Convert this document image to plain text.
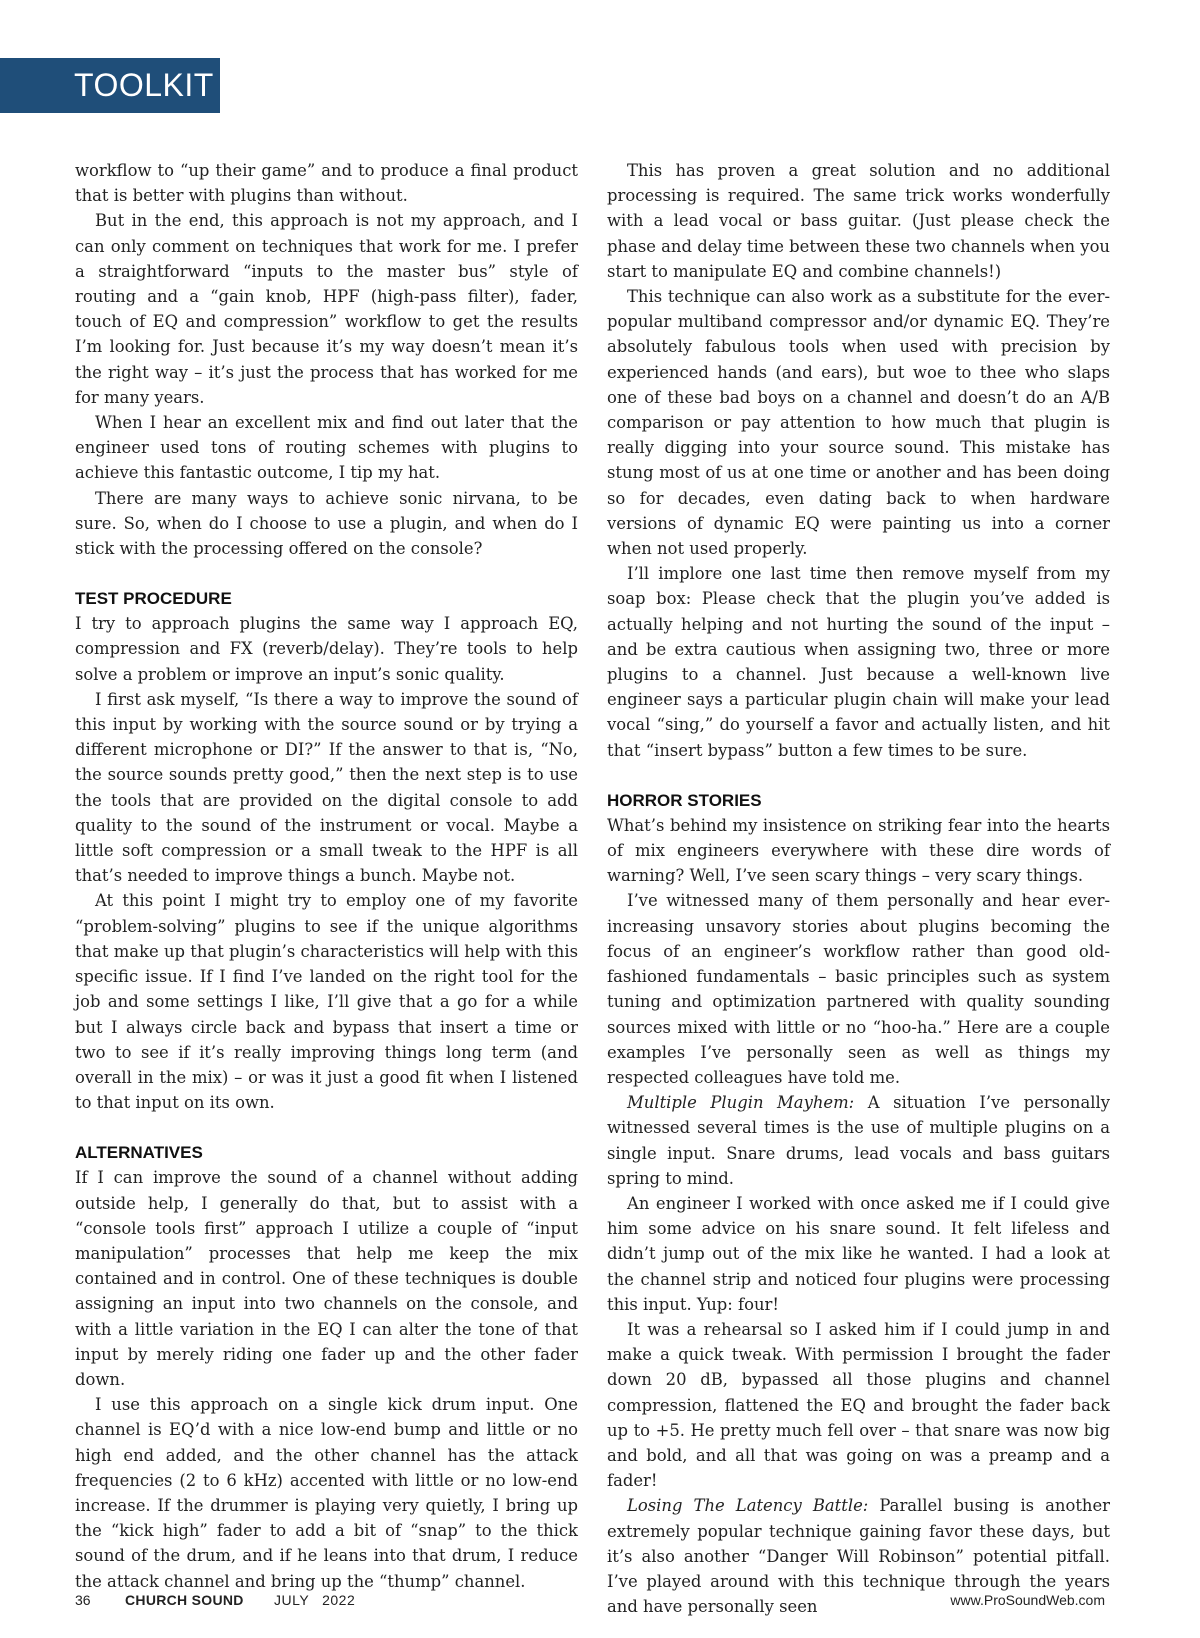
TOOLKIT

workflow to “up their game” and to produce a final product that is better with plugins than without.

But in the end, this approach is not my approach, and I can only comment on techniques that work for me. I prefer a straightforward “inputs to the master bus” style of routing and a “gain knob, HPF (high-pass filter), fader, touch of EQ and compression” workflow to get the results I’m looking for. Just because it’s my way doesn’t mean it’s the right way – it’s just the process that has worked for me for many years.

When I hear an excellent mix and find out later that the engineer used tons of routing schemes with plugins to achieve this fantastic outcome, I tip my hat.

There are many ways to achieve sonic nirvana, to be sure. So, when do I choose to use a plugin, and when do I stick with the processing offered on the console?

TEST PROCEDURE

I try to approach plugins the same way I approach EQ, compression and FX (reverb/delay). They’re tools to help solve a problem or improve an input’s sonic quality.

I first ask myself, “Is there a way to improve the sound of this input by working with the source sound or by trying a different microphone or DI?” If the answer to that is, “No, the source sounds pretty good,” then the next step is to use the tools that are provided on the digital console to add quality to the sound of the instrument or vocal. Maybe a little soft compression or a small tweak to the HPF is all that’s needed to improve things a bunch. Maybe not.

At this point I might try to employ one of my favorite “problem-solving” plugins to see if the unique algorithms that make up that plugin’s characteristics will help with this specific issue. If I find I’ve landed on the right tool for the job and some settings I like, I’ll give that a go for a while but I always circle back and bypass that insert a time or two to see if it’s really improving things long term (and overall in the mix) – or was it just a good fit when I listened to that input on its own.

ALTERNATIVES

If I can improve the sound of a channel without adding outside help, I generally do that, but to assist with a “console tools first” approach I utilize a couple of “input manipulation” processes that help me keep the mix contained and in control. One of these techniques is double assigning an input into two channels on the console, and with a little variation in the EQ I can alter the tone of that input by merely riding one fader up and the other fader down.

I use this approach on a single kick drum input. One channel is EQ’d with a nice low-end bump and little or no high end added, and the other channel has the attack frequencies (2 to 6 kHz) accented with little or no low-end increase. If the drummer is playing very quietly, I bring up the “kick high” fader to add a bit of “snap” to the thick sound of the drum, and if he leans into that drum, I reduce the attack channel and bring up the “thump” channel.

This has proven a great solution and no additional processing is required. The same trick works wonderfully with a lead vocal or bass guitar. (Just please check the phase and delay time between these two channels when you start to manipulate EQ and combine channels!)

This technique can also work as a substitute for the ever-popular multiband compressor and/or dynamic EQ. They’re absolutely fabulous tools when used with precision by experienced hands (and ears), but woe to thee who slaps one of these bad boys on a channel and doesn’t do an A/B comparison or pay attention to how much that plugin is really digging into your source sound. This mistake has stung most of us at one time or another and has been doing so for decades, even dating back to when hardware versions of dynamic EQ were painting us into a corner when not used properly.

I’ll implore one last time then remove myself from my soap box: Please check that the plugin you’ve added is actually helping and not hurting the sound of the input – and be extra cautious when assigning two, three or more plugins to a channel. Just because a well-known live engineer says a particular plugin chain will make your lead vocal “sing,” do yourself a favor and actually listen, and hit that “insert bypass” button a few times to be sure.

HORROR STORIES

What’s behind my insistence on striking fear into the hearts of mix engineers everywhere with these dire words of warning? Well, I’ve seen scary things – very scary things.

I’ve witnessed many of them personally and hear ever-increasing unsavory stories about plugins becoming the focus of an engineer’s workflow rather than good old-fashioned fundamentals – basic principles such as system tuning and optimization partnered with quality sounding sources mixed with little or no “hoo-ha.” Here are a couple examples I’ve personally seen as well as things my respected colleagues have told me.

Multiple Plugin Mayhem: A situation I’ve personally witnessed several times is the use of multiple plugins on a single input. Snare drums, lead vocals and bass guitars spring to mind.

An engineer I worked with once asked me if I could give him some advice on his snare sound. It felt lifeless and didn’t jump out of the mix like he wanted. I had a look at the channel strip and noticed four plugins were processing this input. Yup: four!

It was a rehearsal so I asked him if I could jump in and make a quick tweak. With permission I brought the fader down 20 dB, bypassed all those plugins and channel compression, flattened the EQ and brought the fader back up to +5. He pretty much fell over – that snare was now big and bold, and all that was going on was a preamp and a fader!

Losing The Latency Battle: Parallel busing is another extremely popular technique gaining favor these days, but it’s also another “Danger Will Robinson” potential pitfall. I’ve played around with this technique through the years and have personally seen

36 CHURCH SOUND JULY   2022	www.ProSoundWeb.com
